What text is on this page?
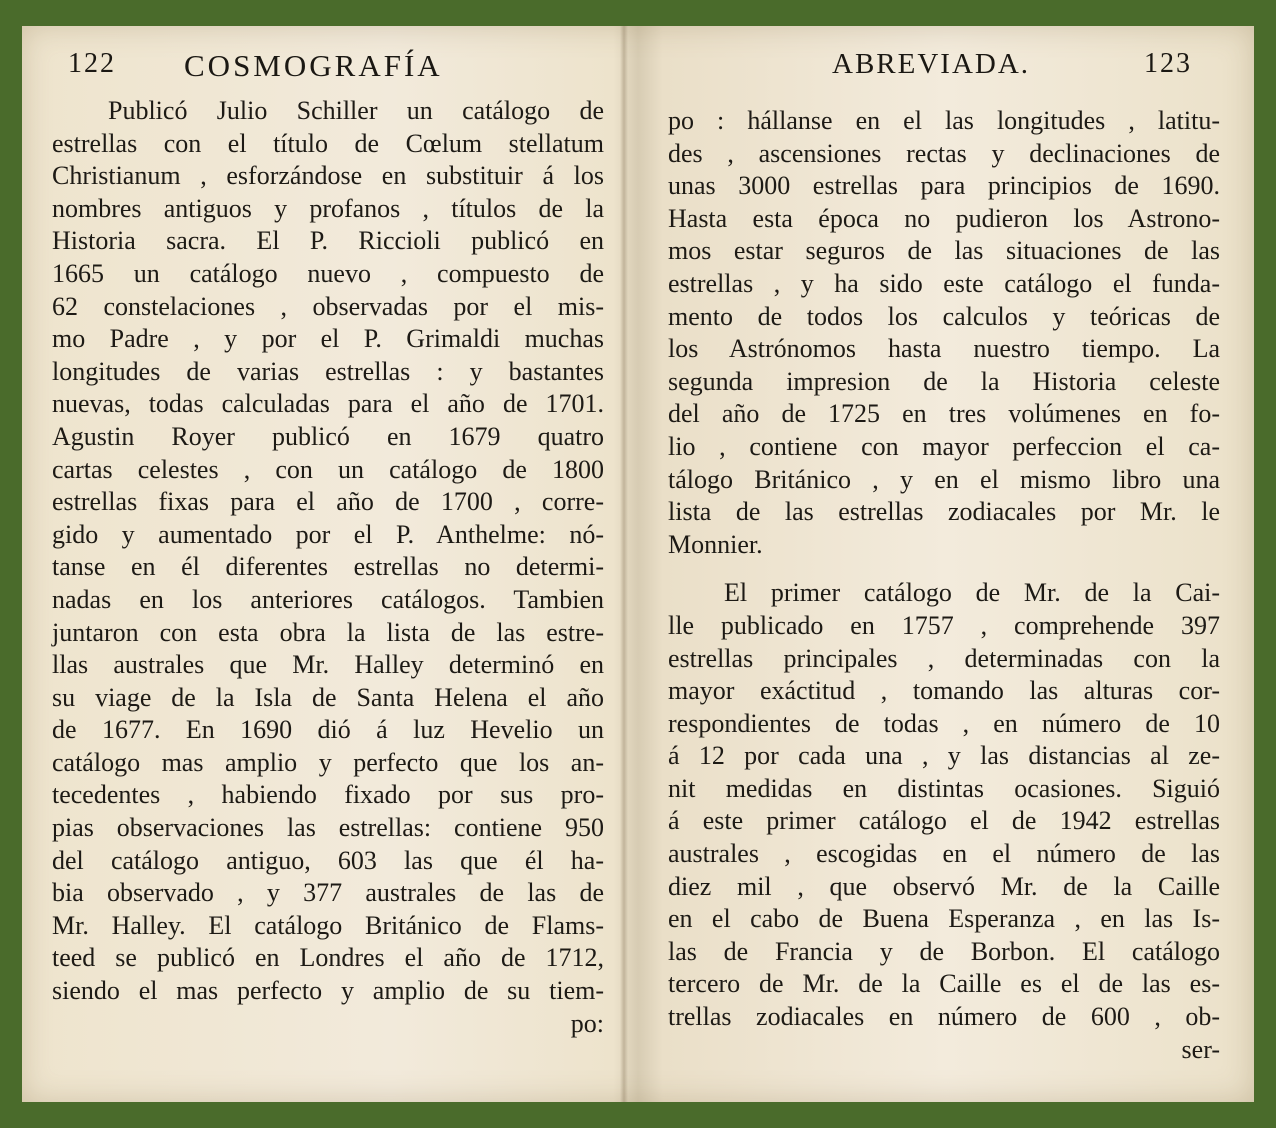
122 COSMOGRAFÍA
Publicó Julio Schiller un catálogo de
estrellas con el título de Cœlum stellatum
Christianum , esforzándose en substituir á los
nombres antiguos y profanos , títulos de la
Historia sacra. El P. Riccioli publicó en
1665 un catálogo nuevo , compuesto de
62 constelaciones , observadas por el mis-
mo Padre , y por el P. Grimaldi muchas
longitudes de varias estrellas : y bastantes
nuevas, todas calculadas para el año de 1701.
Agustin Royer publicó en 1679 quatro
cartas celestes , con un catálogo de 1800
estrellas fixas para el año de 1700 , corre-
gido y aumentado por el P. Anthelme: nó-
tanse en él diferentes estrellas no determi-
nadas en los anteriores catálogos. Tambien
juntaron con esta obra la lista de las estre-
llas australes que Mr. Halley determinó en
su viage de la Isla de Santa Helena el año
de 1677. En 1690 dió á luz Hevelio un
catálogo mas amplio y perfecto que los an-
tecedentes , habiendo fixado por sus pro-
pias observaciones las estrellas: contiene 950
del catálogo antiguo, 603 las que él ha-
bia observado , y 377 australes de las de
Mr. Halley. El catálogo Británico de Flams-
teed se publicó en Londres el año de 1712,
siendo el mas perfecto y amplio de su tiem-
po:
ABREVIADA.	123
po : hállanse en el las longitudes , latitu-
des , ascensiones rectas y declinaciones de
unas 3000 estrellas para principios de 1690.
Hasta esta época no pudieron los Astrono-
mos estar seguros de las situaciones de las
estrellas , y ha sido este catálogo el funda-
mento de todos los calculos y teóricas de
los Astrónomos hasta nuestro tiempo. La
segunda impresion de la Historia celeste
del año de 1725 en tres volúmenes en fo-
lio , contiene con mayor perfeccion el ca-
tálogo Británico , y en el mismo libro una
lista de las estrellas zodiacales por Mr. le
Monnier.
El primer catálogo de Mr. de la Cai-
lle publicado en 1757 , comprehende 397
estrellas principales , determinadas con la
mayor exáctitud , tomando las alturas cor-
respondientes de todas , en número de 10
á 12 por cada una , y las distancias al ze-
nit medidas en distintas ocasiones. Siguió
á este primer catálogo el de 1942 estrellas
australes , escogidas en el número de las
diez mil , que observó Mr. de la Caille
en el cabo de Buena Esperanza , en las Is-
las de Francia y de Borbon. El catálogo
tercero de Mr. de la Caille es el de las es-
trellas zodiacales en número de 600 , ob-
ser-
